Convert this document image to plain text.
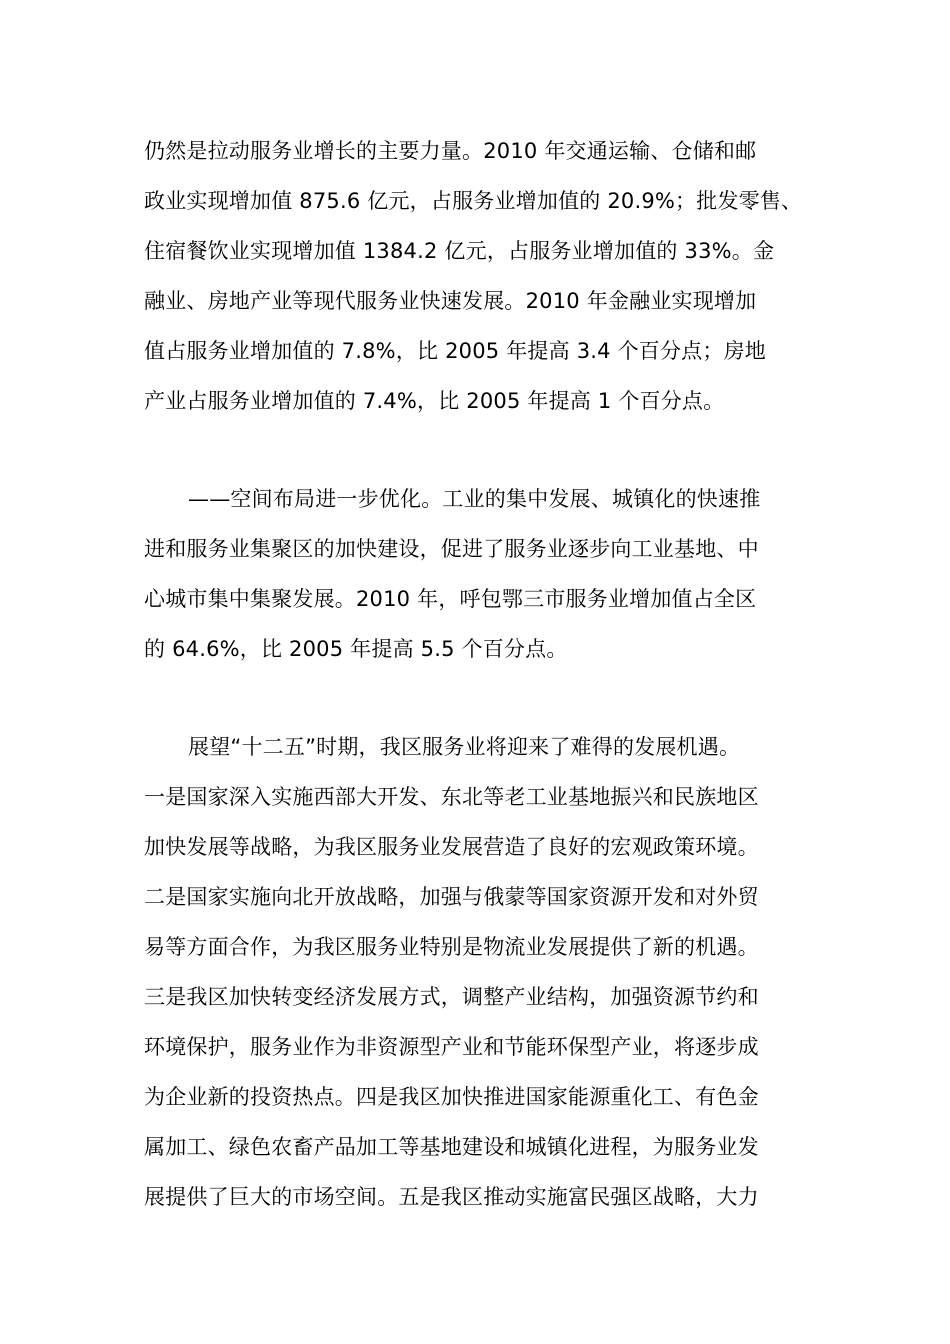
仍然是拉动服务业增长的主要力量。2010 年交通运输、仓储和邮
政业实现增加值 875.6 亿元，占服务业增加值的 20.9%；批发零售、
住宿餐饮业实现增加值 1384.2 亿元，占服务业增加值的 33%。金
融业、房地产业等现代服务业快速发展。2010 年金融业实现增加
值占服务业增加值的 7.8%，比 2005 年提高 3.4 个百分点；房地
产业占服务业增加值的 7.4%，比 2005 年提高 1 个百分点。
——空间布局进一步优化。工业的集中发展、城镇化的快速推
进和服务业集聚区的加快建设，促进了服务业逐步向工业基地、中
心城市集中集聚发展。2010 年，呼包鄂三市服务业增加值占全区
的 64.6%，比 2005 年提高 5.5 个百分点。
展望“十二五”时期，我区服务业将迎来了难得的发展机遇。
一是国家深入实施西部大开发、东北等老工业基地振兴和民族地区
加快发展等战略，为我区服务业发展营造了良好的宏观政策环境。
二是国家实施向北开放战略，加强与俄蒙等国家资源开发和对外贸
易等方面合作，为我区服务业特别是物流业发展提供了新的机遇。
三是我区加快转变经济发展方式，调整产业结构，加强资源节约和
环境保护，服务业作为非资源型产业和节能环保型产业，将逐步成
为企业新的投资热点。四是我区加快推进国家能源重化工、有色金
属加工、绿色农畜产品加工等基地建设和城镇化进程，为服务业发
展提供了巨大的市场空间。五是我区推动实施富民强区战略，大力
